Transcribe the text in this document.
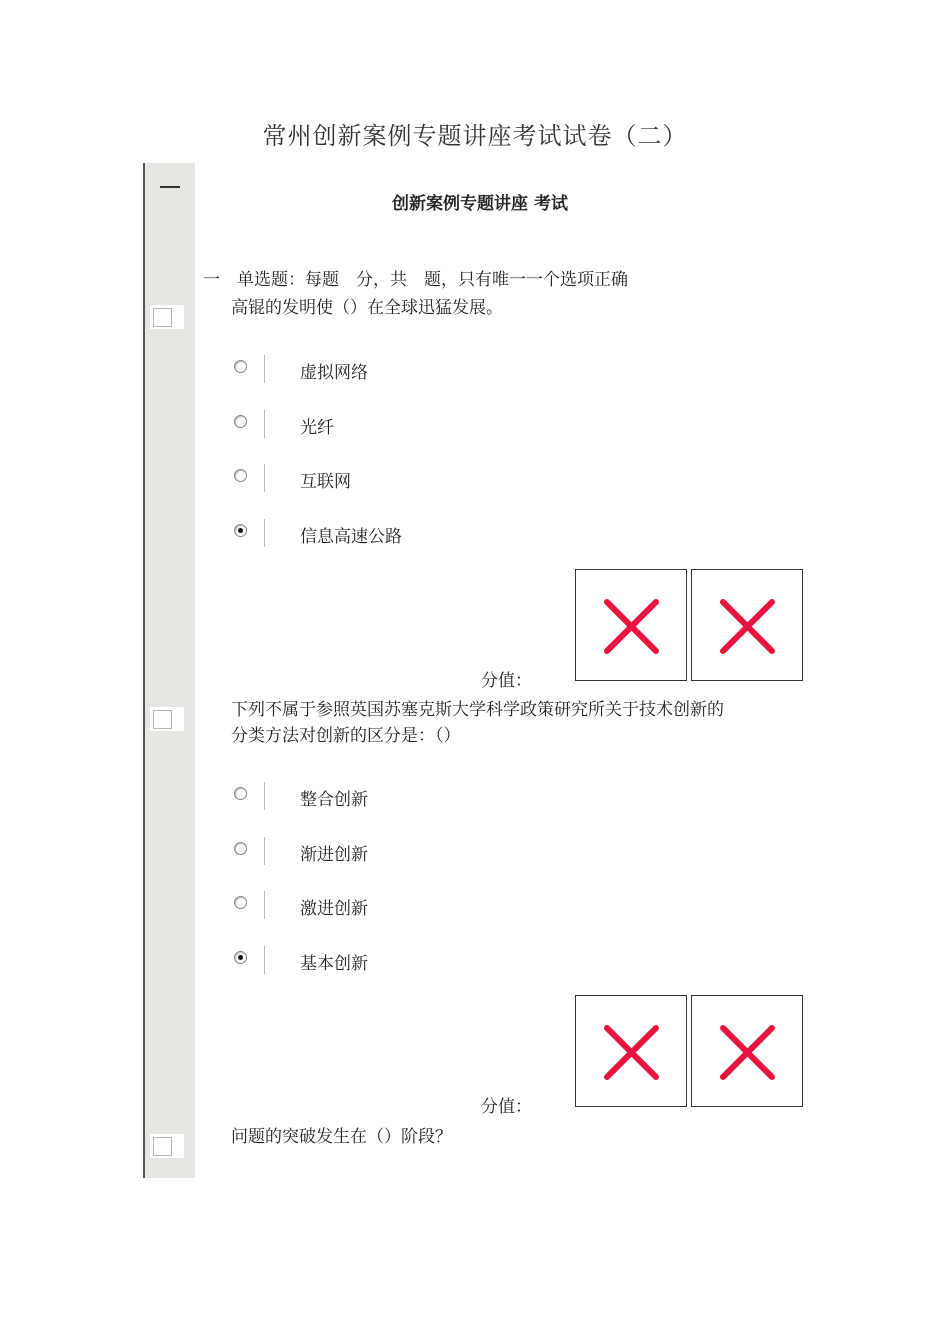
常州创新案例专题讲座考试试卷（二）
创新案例专题讲座 考试
一　单选题：每题　分，共　题，只有唯一一个选项正确
高锟的发明使（）在全球迅猛发展。
虚拟网络
光纤
互联网
信息高速公路
分值：
下列不属于参照英国苏塞克斯大学科学政策研究所关于技术创新的
分类方法对创新的区分是：（）
整合创新
渐进创新
激进创新
基本创新
分值：
问题的突破发生在（）阶段？
